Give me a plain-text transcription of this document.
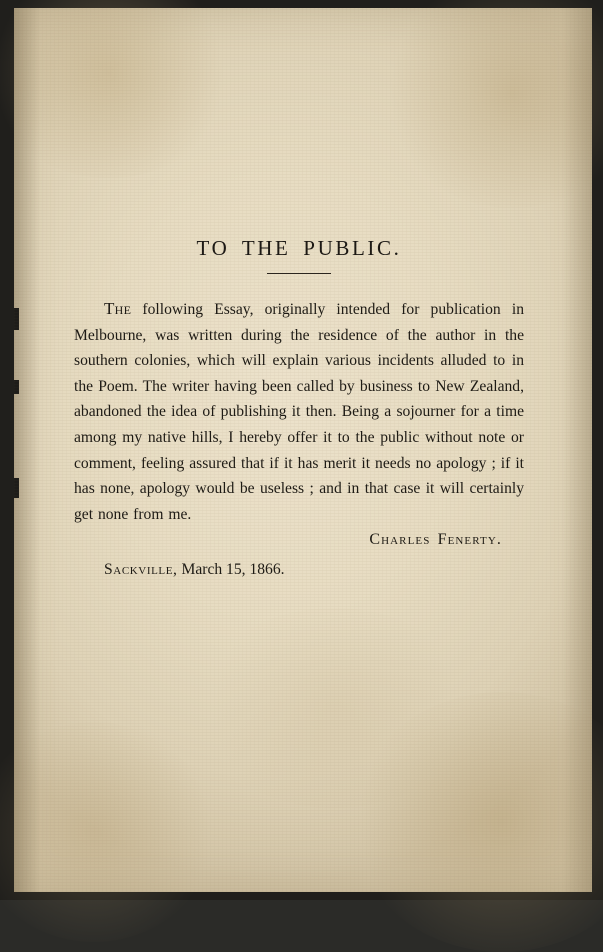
TO THE PUBLIC.

The following Essay, originally intended for publication in Melbourne, was written during the residence of the author in the southern colonies, which will explain various incidents alluded to in the Poem. The writer having been called by business to New Zealand, abandoned the idea of publishing it then. Being a sojourner for a time among my native hills, I hereby offer it to the public without note or comment, feeling assured that if it has merit it needs no apology ; if it has none, apology would be useless ; and in that case it will certainly get none from me.

Charles Fenerty.
Sackville, March 15, 1866.
